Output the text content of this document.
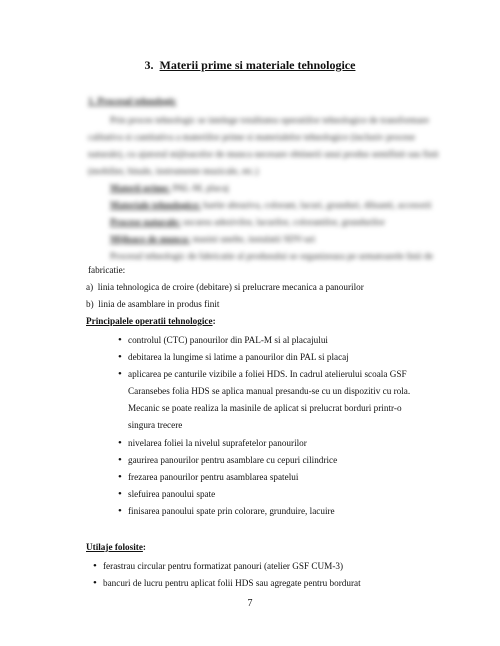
3. Materii prime si materiale tehnologice
1. Procesul tehnologic
Prin proces tehnologic se intelege totalitatea operatiilor tehnologice de transformare
calitativa si cantitativa a materiilor prime si materialelor tehnologice (inclusiv procese
naturale), cu ajutorul mijloacelor de munca necesare obtinerii unui produs semifinit sau finit
(mobilier, binale, instrumente muzicale, etc.)
Materii prime: PAL-M, placaj
Materiale tehnologice: hartie abraziva, colorant, lacuri, grunduri, diluanti, accesorii
Procese naturale: uscarea adezivilor, lacurilor, colorantilor, grundurilor
Mijloace de munca: masini unelte, instalatii SDV-uri
Procesul tehnologic de fabricatie al produsului se organizeaza pe urmatoarele linii de
fabricatie:
a) linia tehnologica de croire (debitare) si prelucrare mecanica a panourilor
b) linia de asamblare in produs finit
Principalele operatii tehnologice:
• controlul (CTC) panourilor din PAL-M si al placajului
• debitarea la lungime si latime a panourilor din PAL si placaj
• aplicarea pe canturile vizibile a foliei HDS. In cadrul atelierului scoala GSF
Caransebes folia HDS se aplica manual presandu-se cu un dispozitiv cu rola.
Mecanic se poate realiza la masinile de aplicat si prelucrat borduri printr-o
singura trecere
• nivelarea foliei la nivelul suprafetelor panourilor
• gaurirea panourilor pentru asamblare cu cepuri cilindrice
• frezarea panourilor pentru asamblarea spatelui
• slefuirea panoului spate
• finisarea panoului spate prin colorare, grunduire, lacuire
Utilaje folosite:
• ferastrau circular pentru formatizat panouri (atelier GSF CUM-3)
• bancuri de lucru pentru aplicat folii HDS sau agregate pentru bordurat
7
